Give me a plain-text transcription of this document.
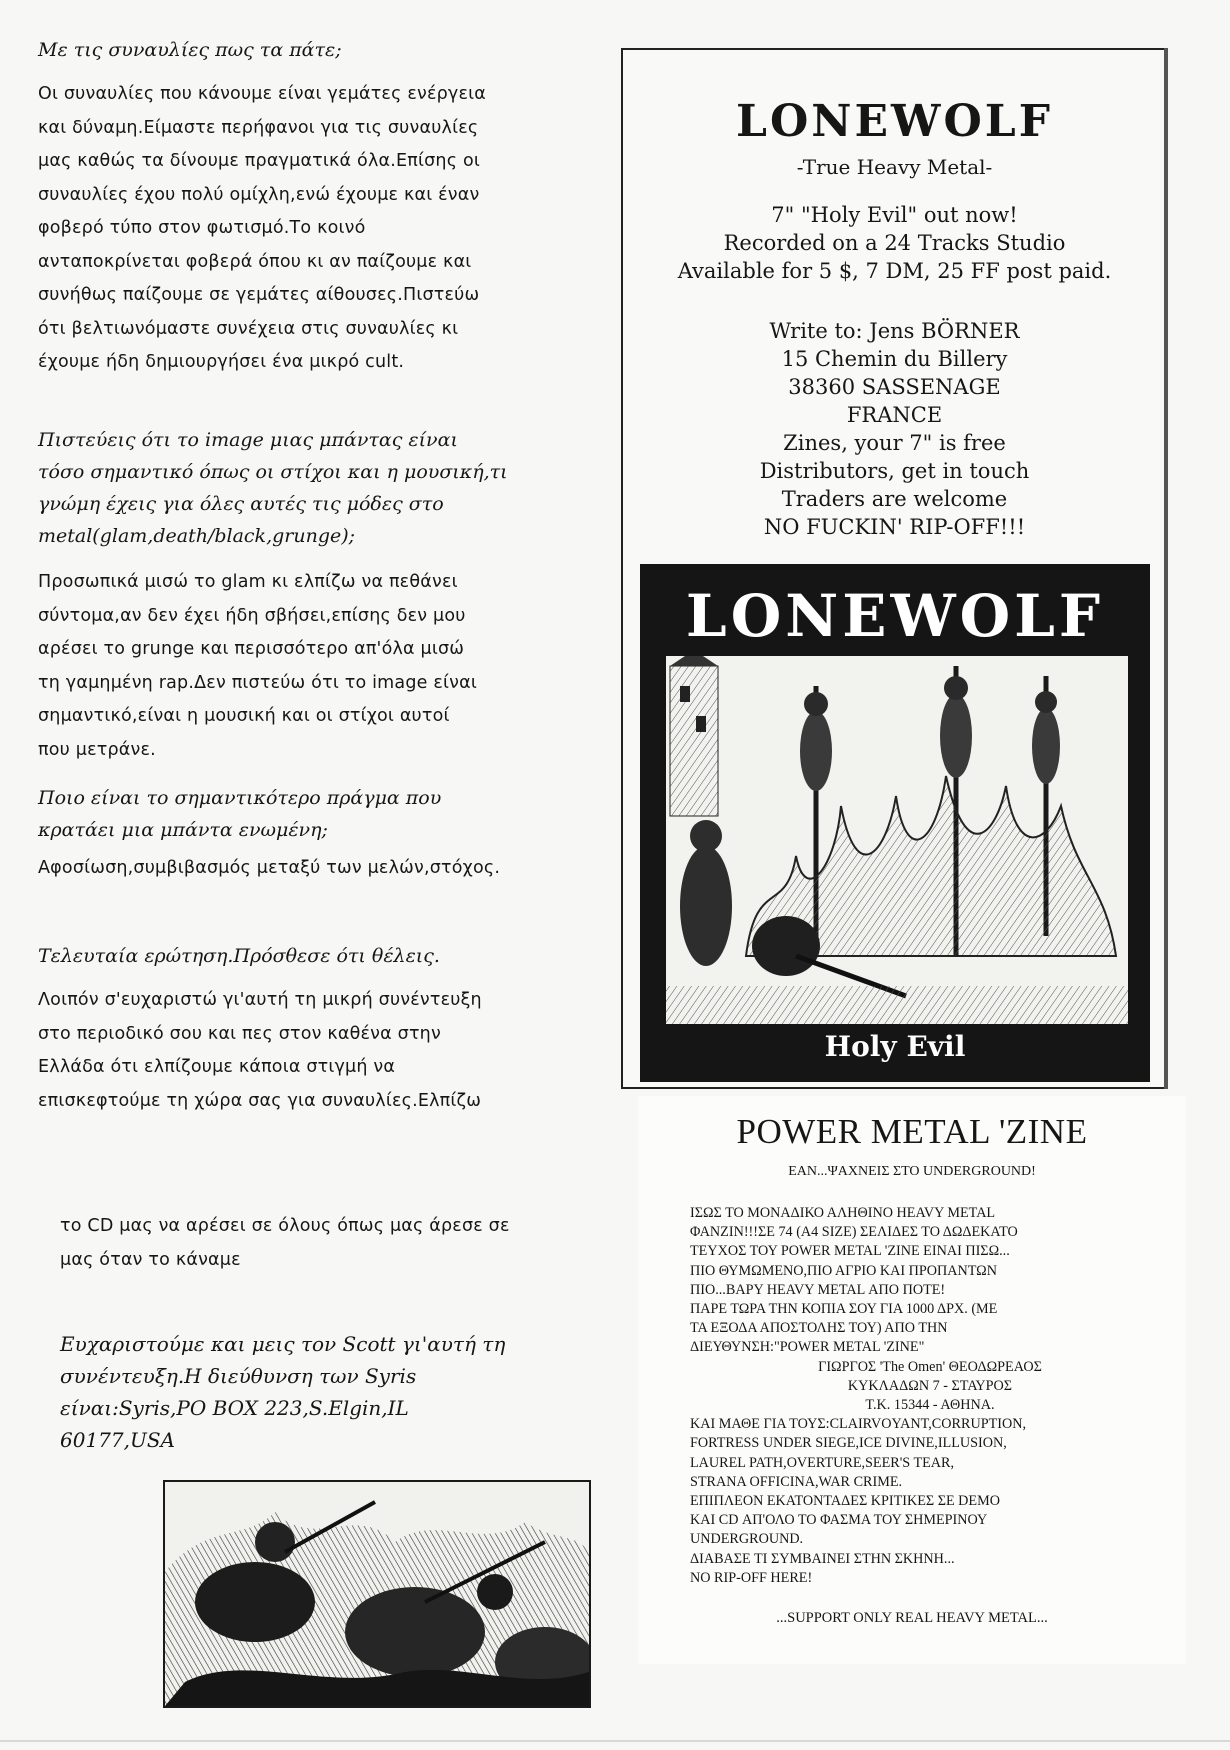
Με τις συναυλίες πως τα πάτε;

Οι συναυλίες που κάνουμε είναι γεμάτες ενέργεια

και δύναμη.Είμαστε περήφανοι για τις συναυλίες

μας καθώς τα δίνουμε πραγματικά όλα.Επίσης οι

συναυλίες έχου πολύ ομίχλη,ενώ έχουμε και έναν

φοβερό τύπο στον φωτισμό.Το κοινό

ανταποκρίνεται φοβερά όπου κι αν παίζουμε και

συνήθως παίζουμε σε γεμάτες αίθουσες.Πιστεύω

ότι βελτιωνόμαστε συνέχεια στις συναυλίες κι

έχουμε ήδη δημιουργήσει ένα μικρό cult.

Πιστεύεις ότι το image μιας μπάντας είναι

τόσο σημαντικό όπως οι στίχοι και η μουσική,τι

γνώμη έχεις για όλες αυτές τις μόδες στο

metal(glam,death/black,grunge);

Προσωπικά μισώ το glam κι ελπίζω να πεθάνει

σύντομα,αν δεν έχει ήδη σβήσει,επίσης δεν μου

αρέσει το grunge και περισσότερο απ'όλα μισώ

τη γαμημένη rap.Δεν πιστεύω ότι το image είναι

σημαντικό,είναι η μουσική και οι στίχοι αυτοί

που μετράνε.

Ποιο είναι το σημαντικότερο πράγμα που

κρατάει μια μπάντα ενωμένη;

Αφοσίωση,συμβιβασμός μεταξύ των μελών,στόχος.

Τελευταία ερώτηση.Πρόσθεσε ότι θέλεις.

Λοιπόν σ'ευχαριστώ γι'αυτή τη μικρή συνέντευξη

στο περιοδικό σου και πες στον καθένα στην

Ελλάδα ότι ελπίζουμε κάποια στιγμή να

επισκεφτούμε τη χώρα σας για συναυλίες.Ελπίζω

το CD μας να αρέσει σε όλους όπως μας άρεσε σε

μας όταν το κάναμε

Ευχαριστούμε και μεις τον Scott γι'αυτή τη

συνέντευξη.Η διεύθυνση των Syris

είναι:Syris,PO BOX 223,S.Elgin,IL

60177,USA

LONEWOLF
-True Heavy Metal-
7" "Holy Evil" out now!
Recorded on a 24 Tracks Studio
Available for 5 $, 7 DM, 25 FF post paid.
Write to: Jens BÖRNER
15 Chemin du Billery
38360 SASSENAGE
FRANCE
Zines, your 7" is free
Distributors, get in touch
Traders are welcome
NO FUCKIN' RIP-OFF!!!
LONEWOLF
Holy Evil
POWER METAL 'ZINE
ΕΑΝ...ΨΑΧΝΕΙΣ ΣΤΟ UNDERGROUND!
ΙΣΩΣ ΤΟ ΜΟΝΑΔΙΚΟ ΑΛΗΘΙΝΟ HEAVY METAL
ΦΑΝΖΙΝ!!!ΣΕ 74 (A4 SIZE) ΣΕΛΙΔΕΣ ΤΟ ΔΩΔΕΚΑΤΟ
ΤΕΥΧΟΣ ΤΟΥ POWER METAL 'ZINE ΕΙΝΑΙ ΠΙΣΩ...
ΠΙΟ ΘΥΜΩΜΕΝΟ,ΠΙΟ ΑΓΡΙΟ ΚΑΙ ΠΡΟΠΑΝΤΩΝ
ΠΙΟ...ΒΑΡΥ HEAVY METAL ΑΠΟ ΠΟΤΕ!
ΠΑΡΕ ΤΩΡΑ ΤΗΝ ΚΟΠΙΑ ΣΟΥ ΓΙΑ 1000 ΔΡΧ. (ΜΕ
ΤΑ ΕΞΟΔΑ ΑΠΟΣΤΟΛΗΣ ΤΟΥ) ΑΠΟ ΤΗΝ
ΔΙΕΥΘΥΝΣΗ:"POWER METAL 'ZINE"
ΓΙΩΡΓΟΣ 'The Omen' ΘΕΟΔΩΡΕΑΟΣ
ΚΥΚΛΑΔΩΝ 7 - ΣΤΑΥΡΟΣ
Τ.Κ. 15344 - ΑΘΗΝΑ.
ΚΑΙ ΜΑΘΕ ΓΙΑ ΤΟΥΣ:CLAIRVOYANT,CORRUPTION,
FORTRESS UNDER SIEGE,ICE DIVINE,ILLUSION,
LAUREL PATH,OVERTURE,SEER'S TEAR,
STRANA OFFICINA,WAR CRIME.
ΕΠΙΠΛΕΟΝ ΕΚΑΤΟΝΤΑΔΕΣ ΚΡΙΤΙΚΕΣ ΣΕ DEMO
ΚΑΙ CD ΑΠ'ΟΛΟ ΤΟ ΦΑΣΜΑ ΤΟΥ ΣΗΜΕΡΙΝΟΥ
UNDERGROUND.
ΔΙΑΒΑΣΕ ΤΙ ΣΥΜΒΑΙΝΕΙ ΣΤΗΝ ΣΚΗΝΗ...
NO RIP-OFF HERE!
...SUPPORT ONLY REAL HEAVY METAL...
